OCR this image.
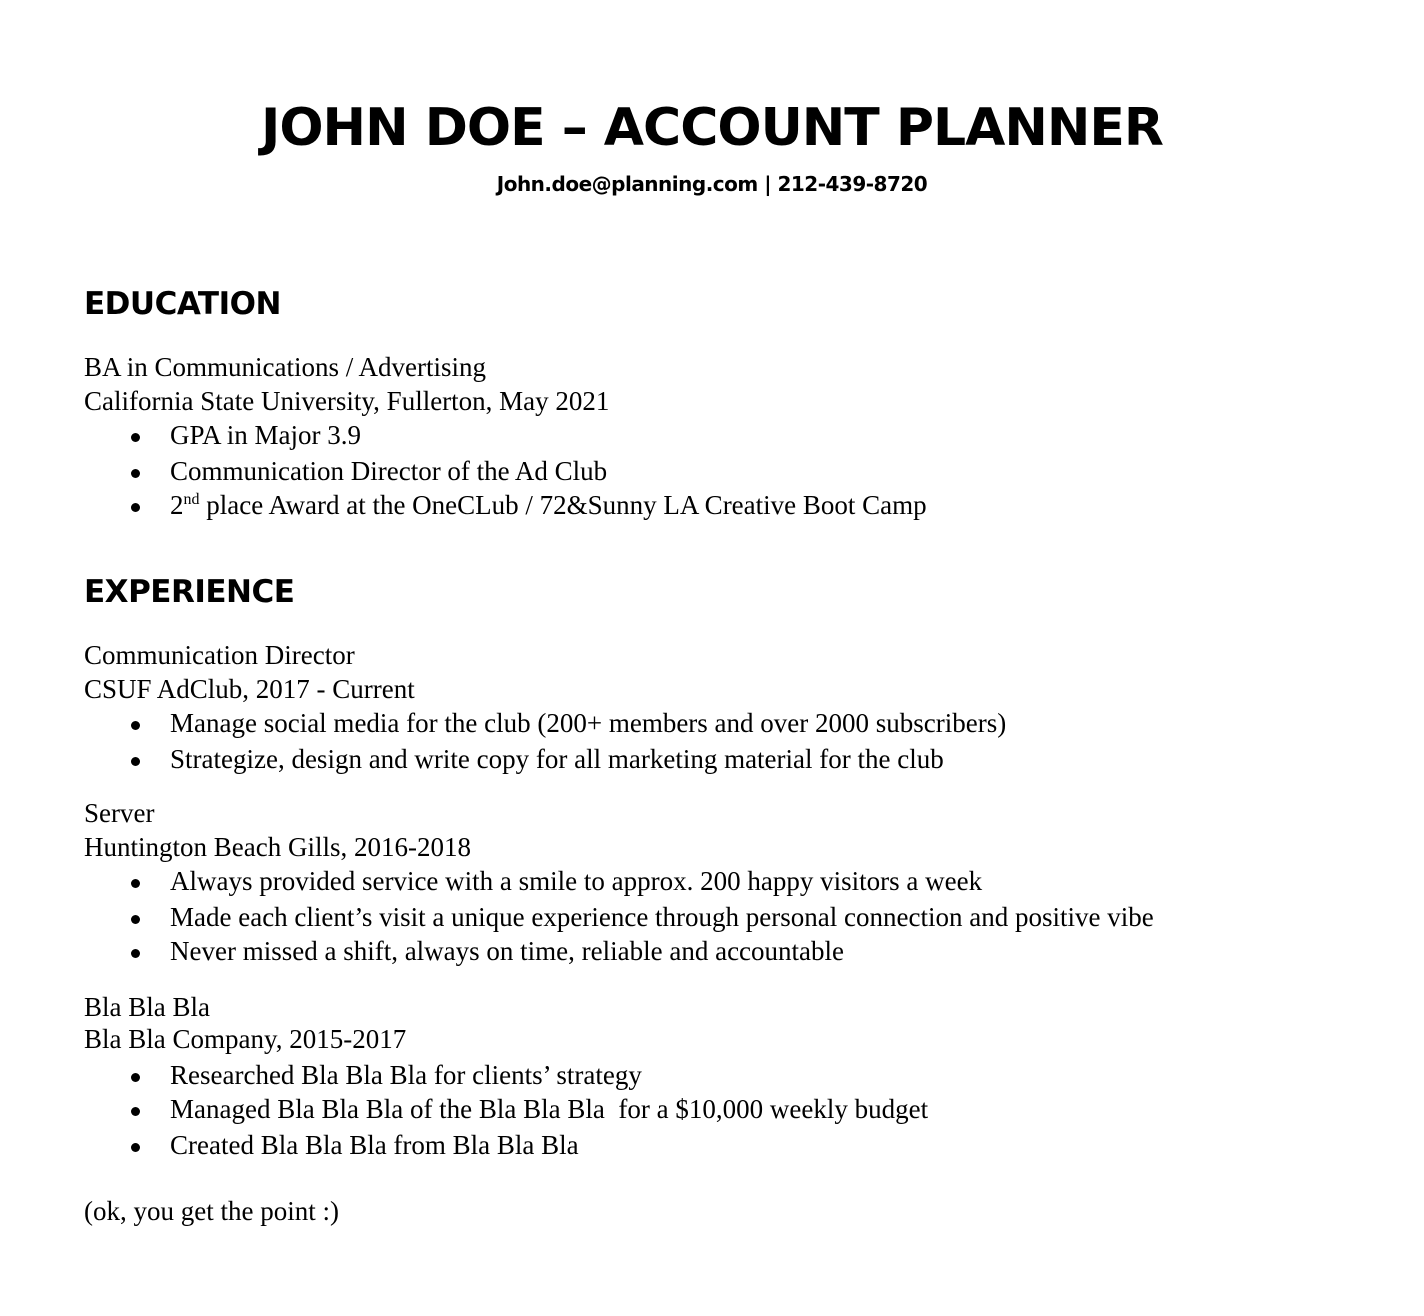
JOHN DOE – ACCOUNT PLANNER
John.doe@planning.com | 212-439-8720
EDUCATION
BA in Communications / Advertising
California State University, Fullerton, May 2021
GPA in Major 3.9
Communication Director of the Ad Club
2nd place Award at the OneCLub / 72&Sunny LA Creative Boot Camp
EXPERIENCE
Communication Director
CSUF AdClub, 2017 - Current
Manage social media for the club (200+ members and over 2000 subscribers)
Strategize, design and write copy for all marketing material for the club
Server
Huntington Beach Gills, 2016-2018
Always provided service with a smile to approx. 200 happy visitors a week
Made each client’s visit a unique experience through personal connection and positive vibe
Never missed a shift, always on time, reliable and accountable
Bla Bla Bla
Bla Bla Company, 2015-2017
Researched Bla Bla Bla for clients’ strategy
Managed Bla Bla Bla of the Bla Bla Bla  for a $10,000 weekly budget
Created Bla Bla Bla from Bla Bla Bla
(ok, you get the point :)
